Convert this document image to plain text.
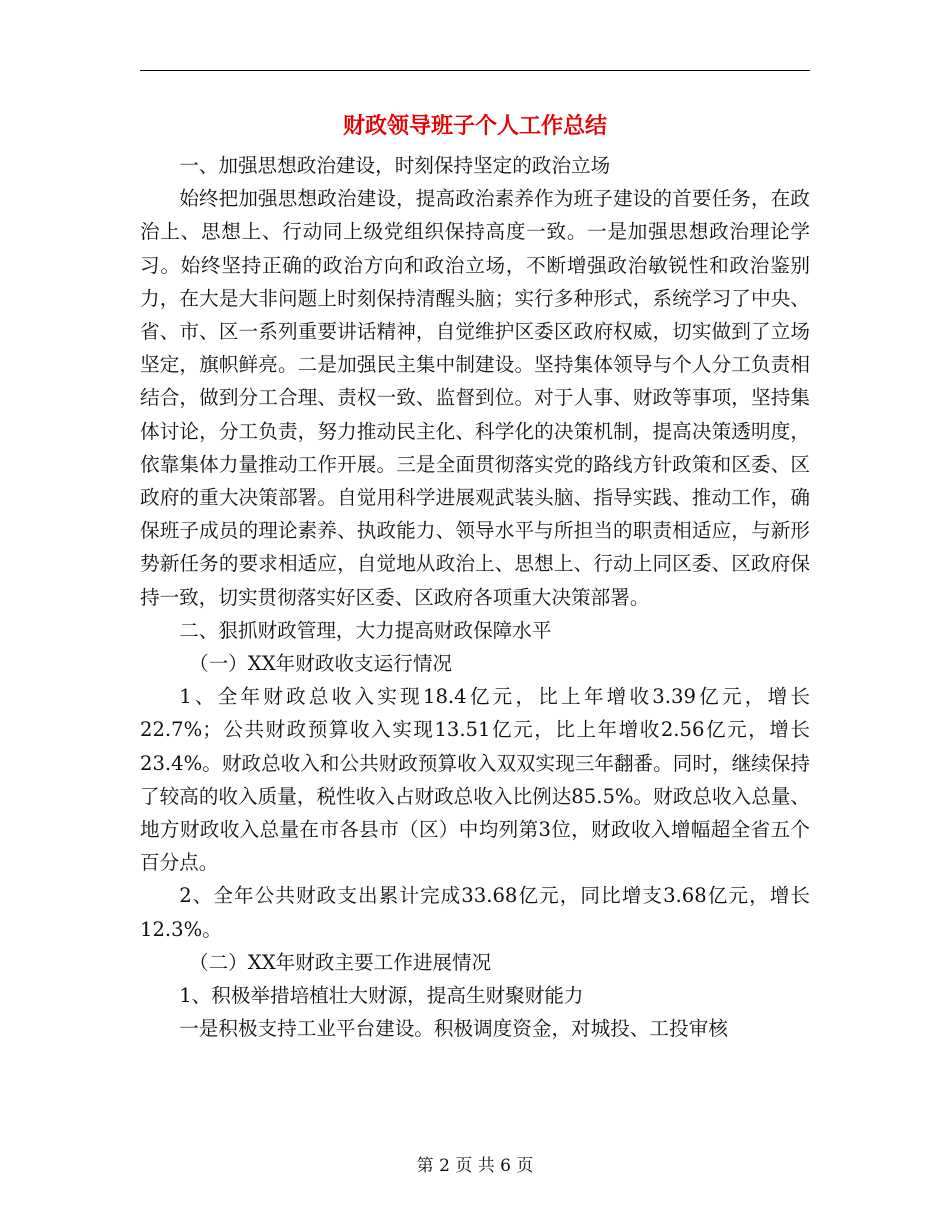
财政领导班子个人工作总结

一、加强思想政治建设，时刻保持坚定的政治立场

始终把加强思想政治建设，提高政治素养作为班子建设的首要任务，在政治上、思想上、行动同上级党组织保持高度一致。一是加强思想政治理论学习。始终坚持正确的政治方向和政治立场，不断增强政治敏锐性和政治鉴别力，在大是大非问题上时刻保持清醒头脑；实行多种形式，系统学习了中央、省、市、区一系列重要讲话精神，自觉维护区委区政府权威，切实做到了立场坚定，旗帜鲜亮。二是加强民主集中制建设。坚持集体领导与个人分工负责相结合，做到分工合理、责权一致、监督到位。对于人事、财政等事项，坚持集体讨论，分工负责，努力推动民主化、科学化的决策机制，提高决策透明度，依靠集体力量推动工作开展。三是全面贯彻落实党的路线方针政策和区委、区政府的重大决策部署。自觉用科学进展观武装头脑、指导实践、推动工作，确保班子成员的理论素养、执政能力、领导水平与所担当的职责相适应，与新形势新任务的要求相适应，自觉地从政治上、思想上、行动上同区委、区政府保持一致，切实贯彻落实好区委、区政府各项重大决策部署。

二、狠抓财政管理，大力提高财政保障水平

（一）XX年财政收支运行情况

1、全年财政总收入实现18.4亿元，比上年增收3.39亿元，增长22.7%；公共财政预算收入实现13.51亿元，比上年增收2.56亿元，增长23.4%。财政总收入和公共财政预算收入双双实现三年翻番。同时，继续保持了较高的收入质量，税性收入占财政总收入比例达85.5%。财政总收入总量、地方财政收入总量在市各县市（区）中均列第3位，财政收入增幅超全省五个百分点。

2、全年公共财政支出累计完成33.68亿元，同比增支3.68亿元，增长12.3%。

（二）XX年财政主要工作进展情况

1、积极举措培植壮大财源，提高生财聚财能力

一是积极支持工业平台建设。积极调度资金，对城投、工投审核

第 2 页 共 6 页
